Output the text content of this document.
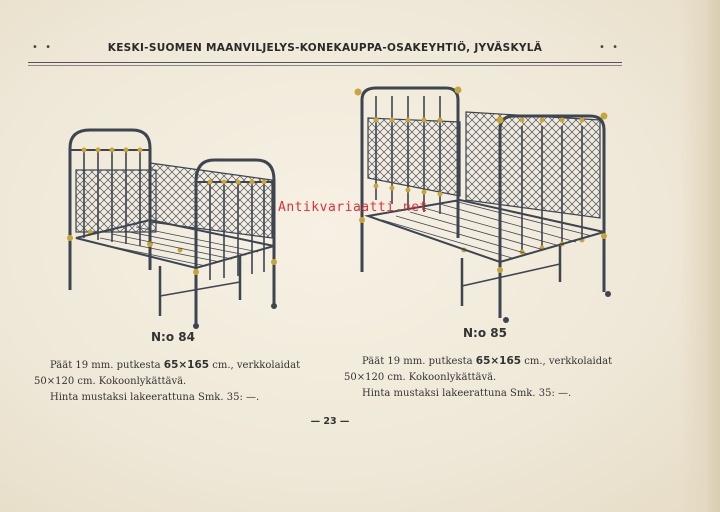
• •	KESKI-SUOMEN MAANVILJELYS-KONEKAUPPA-OSAKEYHTIÖ, JYVÄSKYLÄ	• •
Antikvariaatti.net
N:o 84
Päät 19 mm. putkesta 65×165 cm., verkkolaidat
50×120 cm. Kokoonlykättävä.
Hinta mustaksi lakeerattuna Smk. 35: —.
N:o 85
Päät 19 mm. putkesta 65×165 cm., verkkolaidat
50×120 cm. Kokoonlykättävä.
Hinta mustaksi lakeerattuna Smk. 35: —.
— 23 —
